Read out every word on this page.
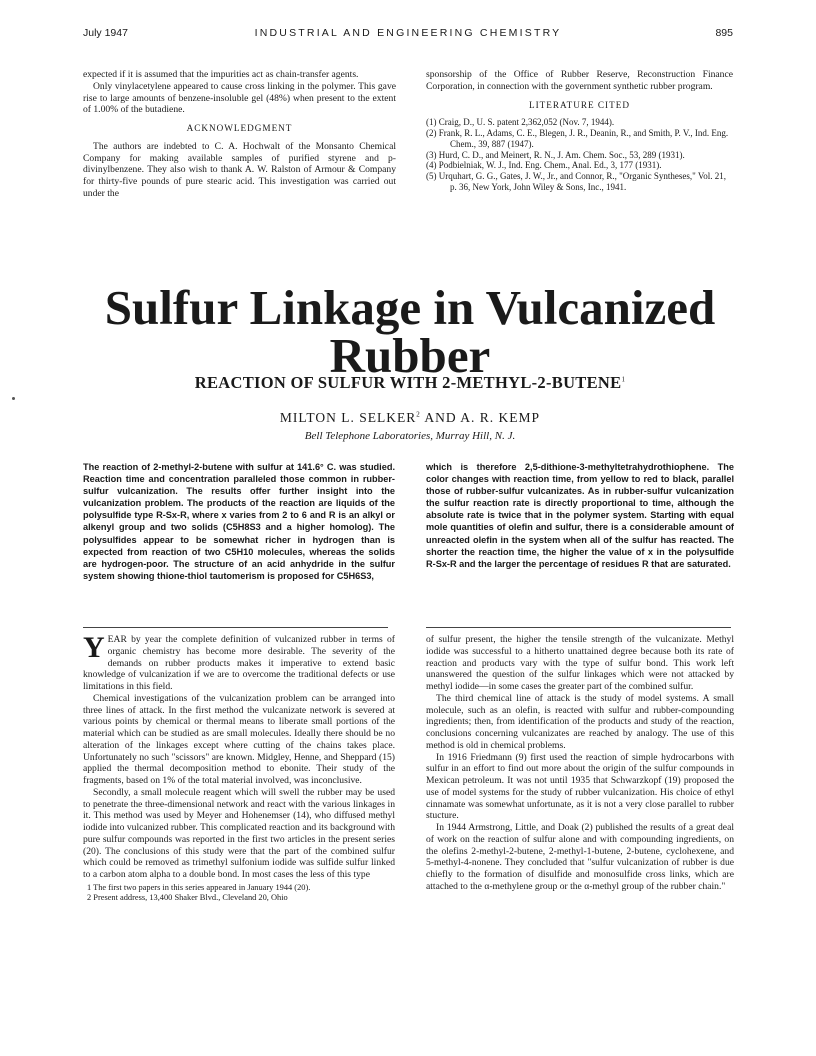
July 1947	INDUSTRIAL AND ENGINEERING CHEMISTRY	895

expected if it is assumed that the impurities act as chain-transfer agents.

Only vinylacetylene appeared to cause cross linking in the polymer. This gave rise to large amounts of benzene-insoluble gel (48%) when present to the extent of 1.00% of the butadiene.

ACKNOWLEDGMENT

The authors are indebted to C. A. Hochwalt of the Monsanto Chemical Company for making available samples of purified styrene and p-divinylbenzene. They also wish to thank A. W. Ralston of Armour & Company for thirty-five pounds of pure stearic acid. This investigation was carried out under the

sponsorship of the Office of Rubber Reserve, Reconstruction Finance Corporation, in connection with the government synthetic rubber program.

LITERATURE CITED

(1) Craig, D., U. S. patent 2,362,052 (Nov. 7, 1944).

(2) Frank, R. L., Adams, C. E., Blegen, J. R., Deanin, R., and Smith, P. V., Ind. Eng. Chem., 39, 887 (1947).

(3) Hurd, C. D., and Meinert, R. N., J. Am. Chem. Soc., 53, 289 (1931).

(4) Podbielniak, W. J., Ind. Eng. Chem., Anal. Ed., 3, 177 (1931).

(5) Urquhart, G. G., Gates, J. W., Jr., and Connor, R., "Organic Syntheses," Vol. 21, p. 36, New York, John Wiley & Sons, Inc., 1941.

Sulfur Linkage in Vulcanized
Rubber
REACTION OF SULFUR WITH 2-METHYL-2-BUTENE$^1$
MILTON L. SELKER$^2$ AND A. R. KEMP
Bell Telephone Laboratories, Murray Hill, N. J.

The reaction of 2-methyl-2-butene with sulfur at 141.6° C. was studied. Reaction time and concentration paralleled those common in rubber-sulfur vulcanization. The results offer further insight into the vulcanization problem. The products of the reaction are liquids of the polysulfide type R-Sx-R, where x varies from 2 to 6 and R is an alkyl or alkenyl group and two solids (C5H8S3 and a higher homolog). The polysulfides appear to be somewhat richer in hydrogen than is expected from reaction of two C5H10 molecules, whereas the solids are hydrogen-poor. The structure of an acid anhydride in the sulfur system showing thione-thiol tautomerism is proposed for C5H6S3,

which is therefore 2,5-dithione-3-methyltetrahydrothiophene. The color changes with reaction time, from yellow to red to black, parallel those of rubber-sulfur vulcanizates. As in rubber-sulfur vulcanization the sulfur reaction rate is directly proportional to time, although the absolute rate is twice that in the polymer system. Starting with equal mole quantities of olefin and sulfur, there is a considerable amount of unreacted olefin in the system when all of the sulfur has reacted. The shorter the reaction time, the higher the value of x in the polysulfide R-Sx-R and the larger the percentage of residues R that are saturated.

YEAR by year the complete definition of vulcanized rubber in terms of organic chemistry has become more desirable. The severity of the demands on rubber products makes it imperative to extend basic knowledge of vulcanization if we are to overcome the traditional defects or use limitations in this field.

Chemical investigations of the vulcanization problem can be arranged into three lines of attack. In the first method the vulcanizate network is severed at various points by chemical or thermal means to liberate small portions of the material which can be studied as are small molecules. Ideally there should be no alteration of the linkages except where cutting of the chains takes place. Unfortunately no such "scissors" are known. Midgley, Henne, and Sheppard (15) applied the thermal decomposition method to ebonite. Their study of the fragments, based on 1% of the total material involved, was inconclusive.

Secondly, a small molecule reagent which will swell the rubber may be used to penetrate the three-dimensional network and react with the various linkages in it. This method was used by Meyer and Hohenemser (14), who diffused methyl iodide into vulcanized rubber. This complicated reaction and its background with pure sulfur compounds was reported in the first two articles in the present series (20). The conclusions of this study were that the part of the combined sulfur which could be removed as trimethyl sulfonium iodide was sulfide sulfur linked to a carbon atom alpha to a double bond. In most cases the less of this type

1 The first two papers in this series appeared in January 1944 (20).
2 Present address, 13,400 Shaker Blvd., Cleveland 20, Ohio

of sulfur present, the higher the tensile strength of the vulcanizate. Methyl iodide was successful to a hitherto unattained degree because both its rate of reaction and products vary with the type of sulfur bond. This work left unanswered the question of the sulfur linkages which were not attacked by methyl iodide—in some cases the greater part of the combined sulfur.

The third chemical line of attack is the study of model systems. A small molecule, such as an olefin, is reacted with sulfur and rubber-compounding ingredients; then, from identification of the products and study of the reaction, conclusions concerning vulcanizates are reached by analogy. The use of this method is old in chemical problems.

In 1916 Friedmann (9) first used the reaction of simple hydrocarbons with sulfur in an effort to find out more about the origin of the sulfur compounds in Mexican petroleum. It was not until 1935 that Schwarzkopf (19) proposed the use of model systems for the study of rubber vulcanization. His choice of ethyl cinnamate was somewhat unfortunate, as it is not a very close parallel to rubber stucture.

In 1944 Armstrong, Little, and Doak (2) published the results of a great deal of work on the reaction of sulfur alone and with compounding ingredients, on the olefins 2-methyl-2-butene, 2-methyl-1-butene, 2-butene, cyclohexene, and 5-methyl-4-nonene. They concluded that "sulfur vulcanization of rubber is due chiefly to the formation of disulfide and monosulfide cross links, which are attached to the α-methylene group or the α-methyl group of the rubber chain."
